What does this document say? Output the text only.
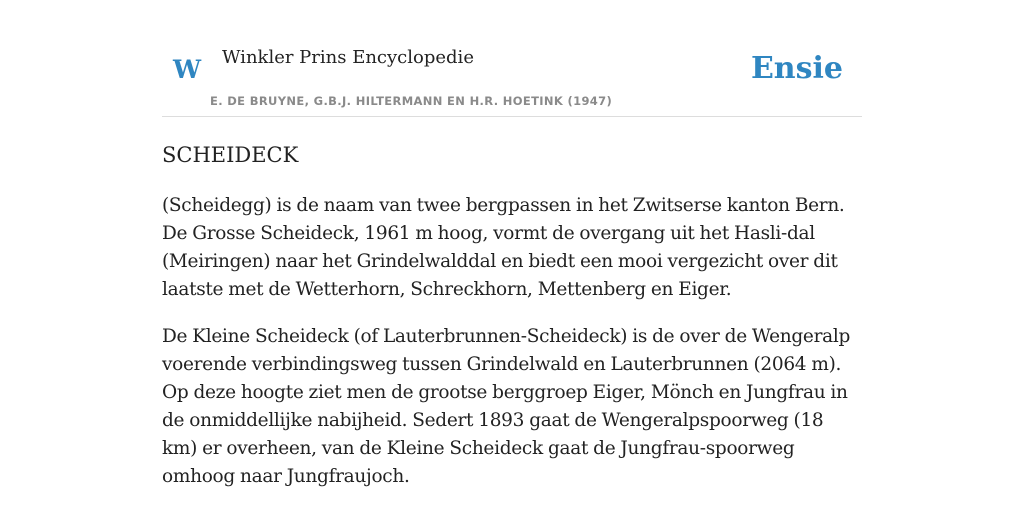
W Winkler Prins Encyclopedie
E. DE BRUYNE, G.B.J. HILTERMANN EN H.R. HOETINK (1947)
Ensie
SCHEIDECK

(Scheidegg) is de naam van twee bergpassen in het Zwitserse kanton Bern. De Grosse Scheideck, 1961 m hoog, vormt de overgang uit het Hasli-dal (Meiringen) naar het Grindelwalddal en biedt een mooi vergezicht over dit laatste met de Wetterhorn, Schreckhorn, Mettenberg en Eiger.

De Kleine Scheideck (of Lauterbrunnen-Scheideck) is de over de Wengeralp voerende verbindingsweg tussen Grindelwald en Lauterbrunnen (2064 m). Op deze hoogte ziet men de grootse berggroep Eiger, Mönch en Jungfrau in de onmiddellijke nabijheid. Sedert 1893 gaat de Wengeralpspoorweg (18 km) er overheen, van de Kleine Scheideck gaat de Jungfrau-spoorweg omhoog naar Jungfraujoch.
